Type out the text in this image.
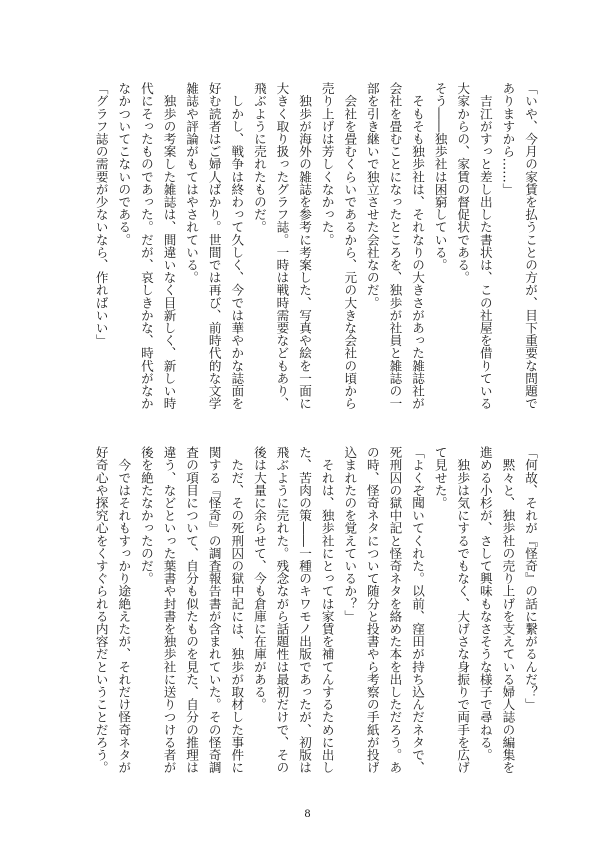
「いや、今月の家賃を払うことの方が、目下重要な問題で
ありますから……」
　吉江がすっと差し出した書状は、この社屋を借りている
大家からの、家賃の督促状である。
そう――独歩社は困窮している。
　そもそも独歩社は、それなりの大きさがあった雑誌社が
会社を畳むことになったところを、独歩が社員と雑誌の一
部を引き継いで独立させた会社なのだ。
　会社を畳むくらいであるから、元の大きな会社の頃から
売り上げは芳しくなかった。
　独歩が海外の雑誌を参考に考案した、写真や絵を一面に
大きく取り扱ったグラフ誌。一時は戦時需要などもあり、
飛ぶように売れたものだ。
　しかし、戦争は終わって久しく、今では華やかな誌面を
好む読者はご婦人ばかり。世間では再び、前時代的な文学
雑誌や評論がもてはやされている。
　独歩の考案した雑誌は、間違いなく目新しく、新しい時
代にそったものであった。だが、哀しきかな、時代がなか
なかついてこないのである。
「グラフ誌の需要が少ないなら、作ればいい」
「何故、それが『怪奇』の話に繋がるんだ？」
　黙々と、独歩社の売り上げを支えている婦人誌の編集を
進める小杉が、さして興味もなさそうな様子で尋ねる。
　独歩は気にするでもなく、大げさな身振りで両手を広げ
て見せた。
「よくぞ聞いてくれた。以前、窪田が持ち込んだネタで、
死刑囚の獄中記と怪奇ネタを絡めた本を出しただろう。あ
の時、怪奇ネタについて随分と投書やら考察の手紙が投げ
込まれたのを覚えているか？」
　それは、独歩社にとっては家賃を補てんするために出し
た、苦肉の策――一種のキワモノ出版であったが、初版は
飛ぶように売れた。残念ながら話題性は最初だけで、その
後は大量に余らせて、今も倉庫に在庫がある。
　ただ、その死刑囚の獄中記には、独歩が取材した事件に
関する『怪奇』の調査報告書が含まれていた。その怪奇調
査の項目について、自分も似たものを見た、自分の推理は
違う、などといった葉書や封書を独歩社に送りつける者が
後を絶たなかったのだ。
　今ではそれもすっかり途絶えたが、それだけ怪奇ネタが
好奇心や探究心をくすぐられる内容だということだろう。
8
